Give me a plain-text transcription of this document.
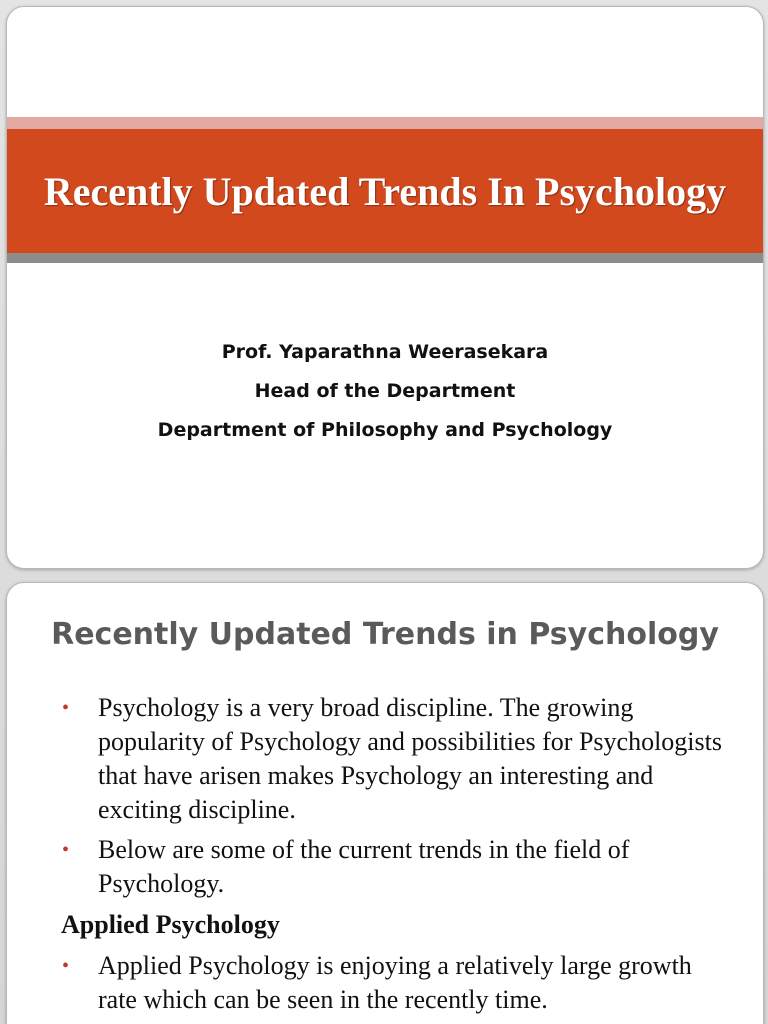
Recently Updated Trends In Psychology
Prof. Yaparathna Weerasekara
Head of the Department
Department of Philosophy and Psychology
Recently Updated Trends in Psychology
• Psychology is a very broad discipline. The growing popularity of Psychology and possibilities for Psychologists that have arisen makes Psychology an interesting and exciting discipline.
• Below are some of the current trends in the field of Psychology.
Applied Psychology
• Applied Psychology is enjoying a relatively large growth rate which can be seen in the recently time.
